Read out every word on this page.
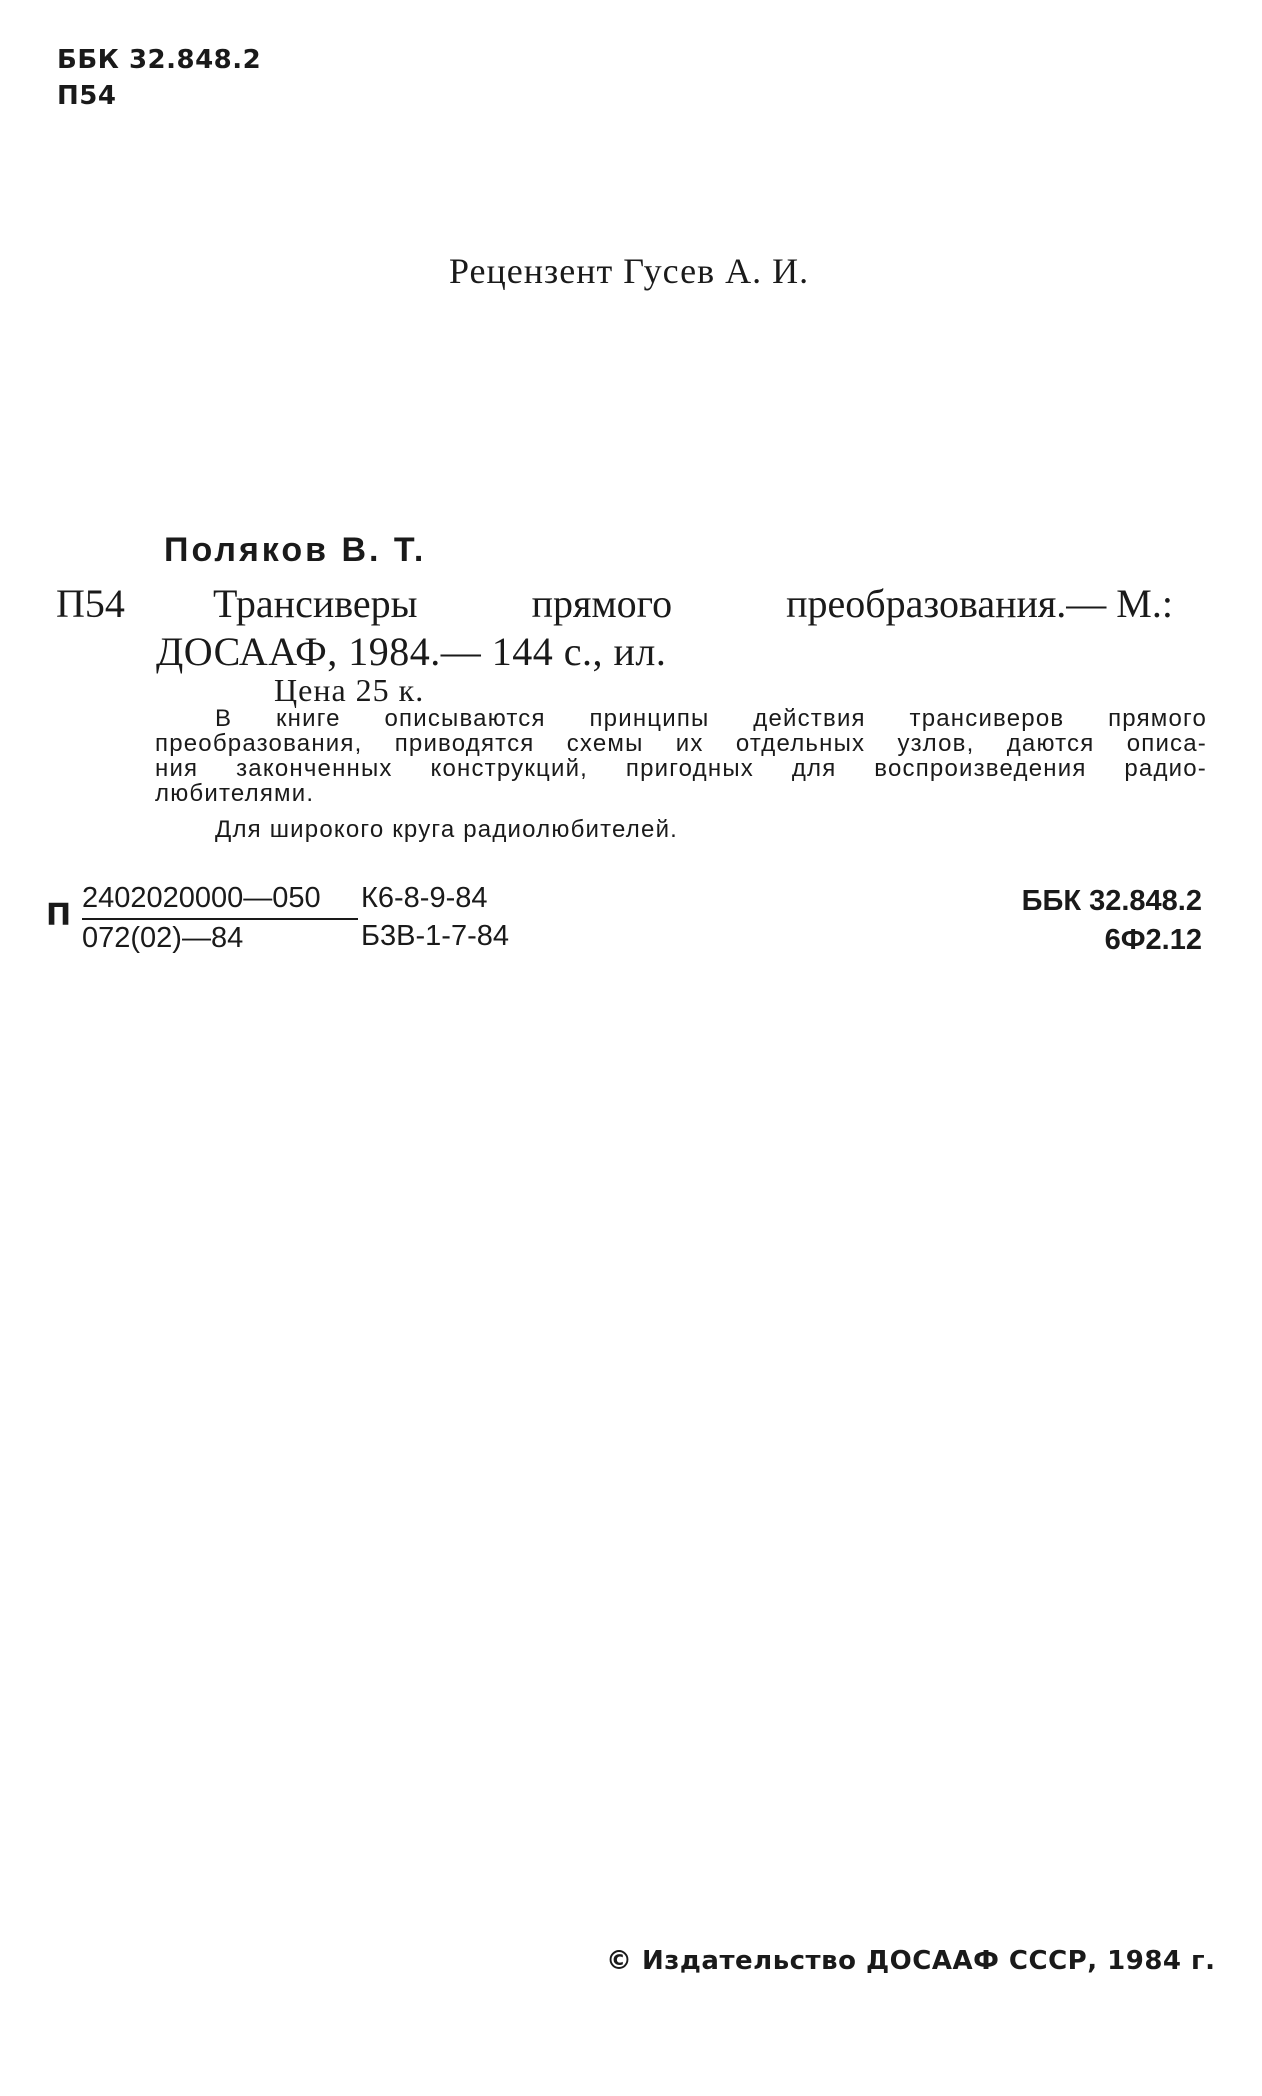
ББК 32.848.2
П54
Рецензент Гусев А. И.
Поляков В. Т.
П54 Трансиверы	прямого	преобразования.— М.:
ДОСААФ, 1984.— 144 с., ил.
Цена 25 к.
В книге описываются принципы действия трансиверов прямого
преобразования, приводятся схемы их отдельных узлов, даются описа-
ния законченных конструкций, пригодных для воспроизведения радио-
любителями.
Для широкого круга радиолюбителей.
П 2402020000—050
072(02)—84
К6-8-9-84
Б3В-1-7-84
ББК 32.848.2
6Ф2.12
© Издательство ДОСААФ СССР, 1984 г.
